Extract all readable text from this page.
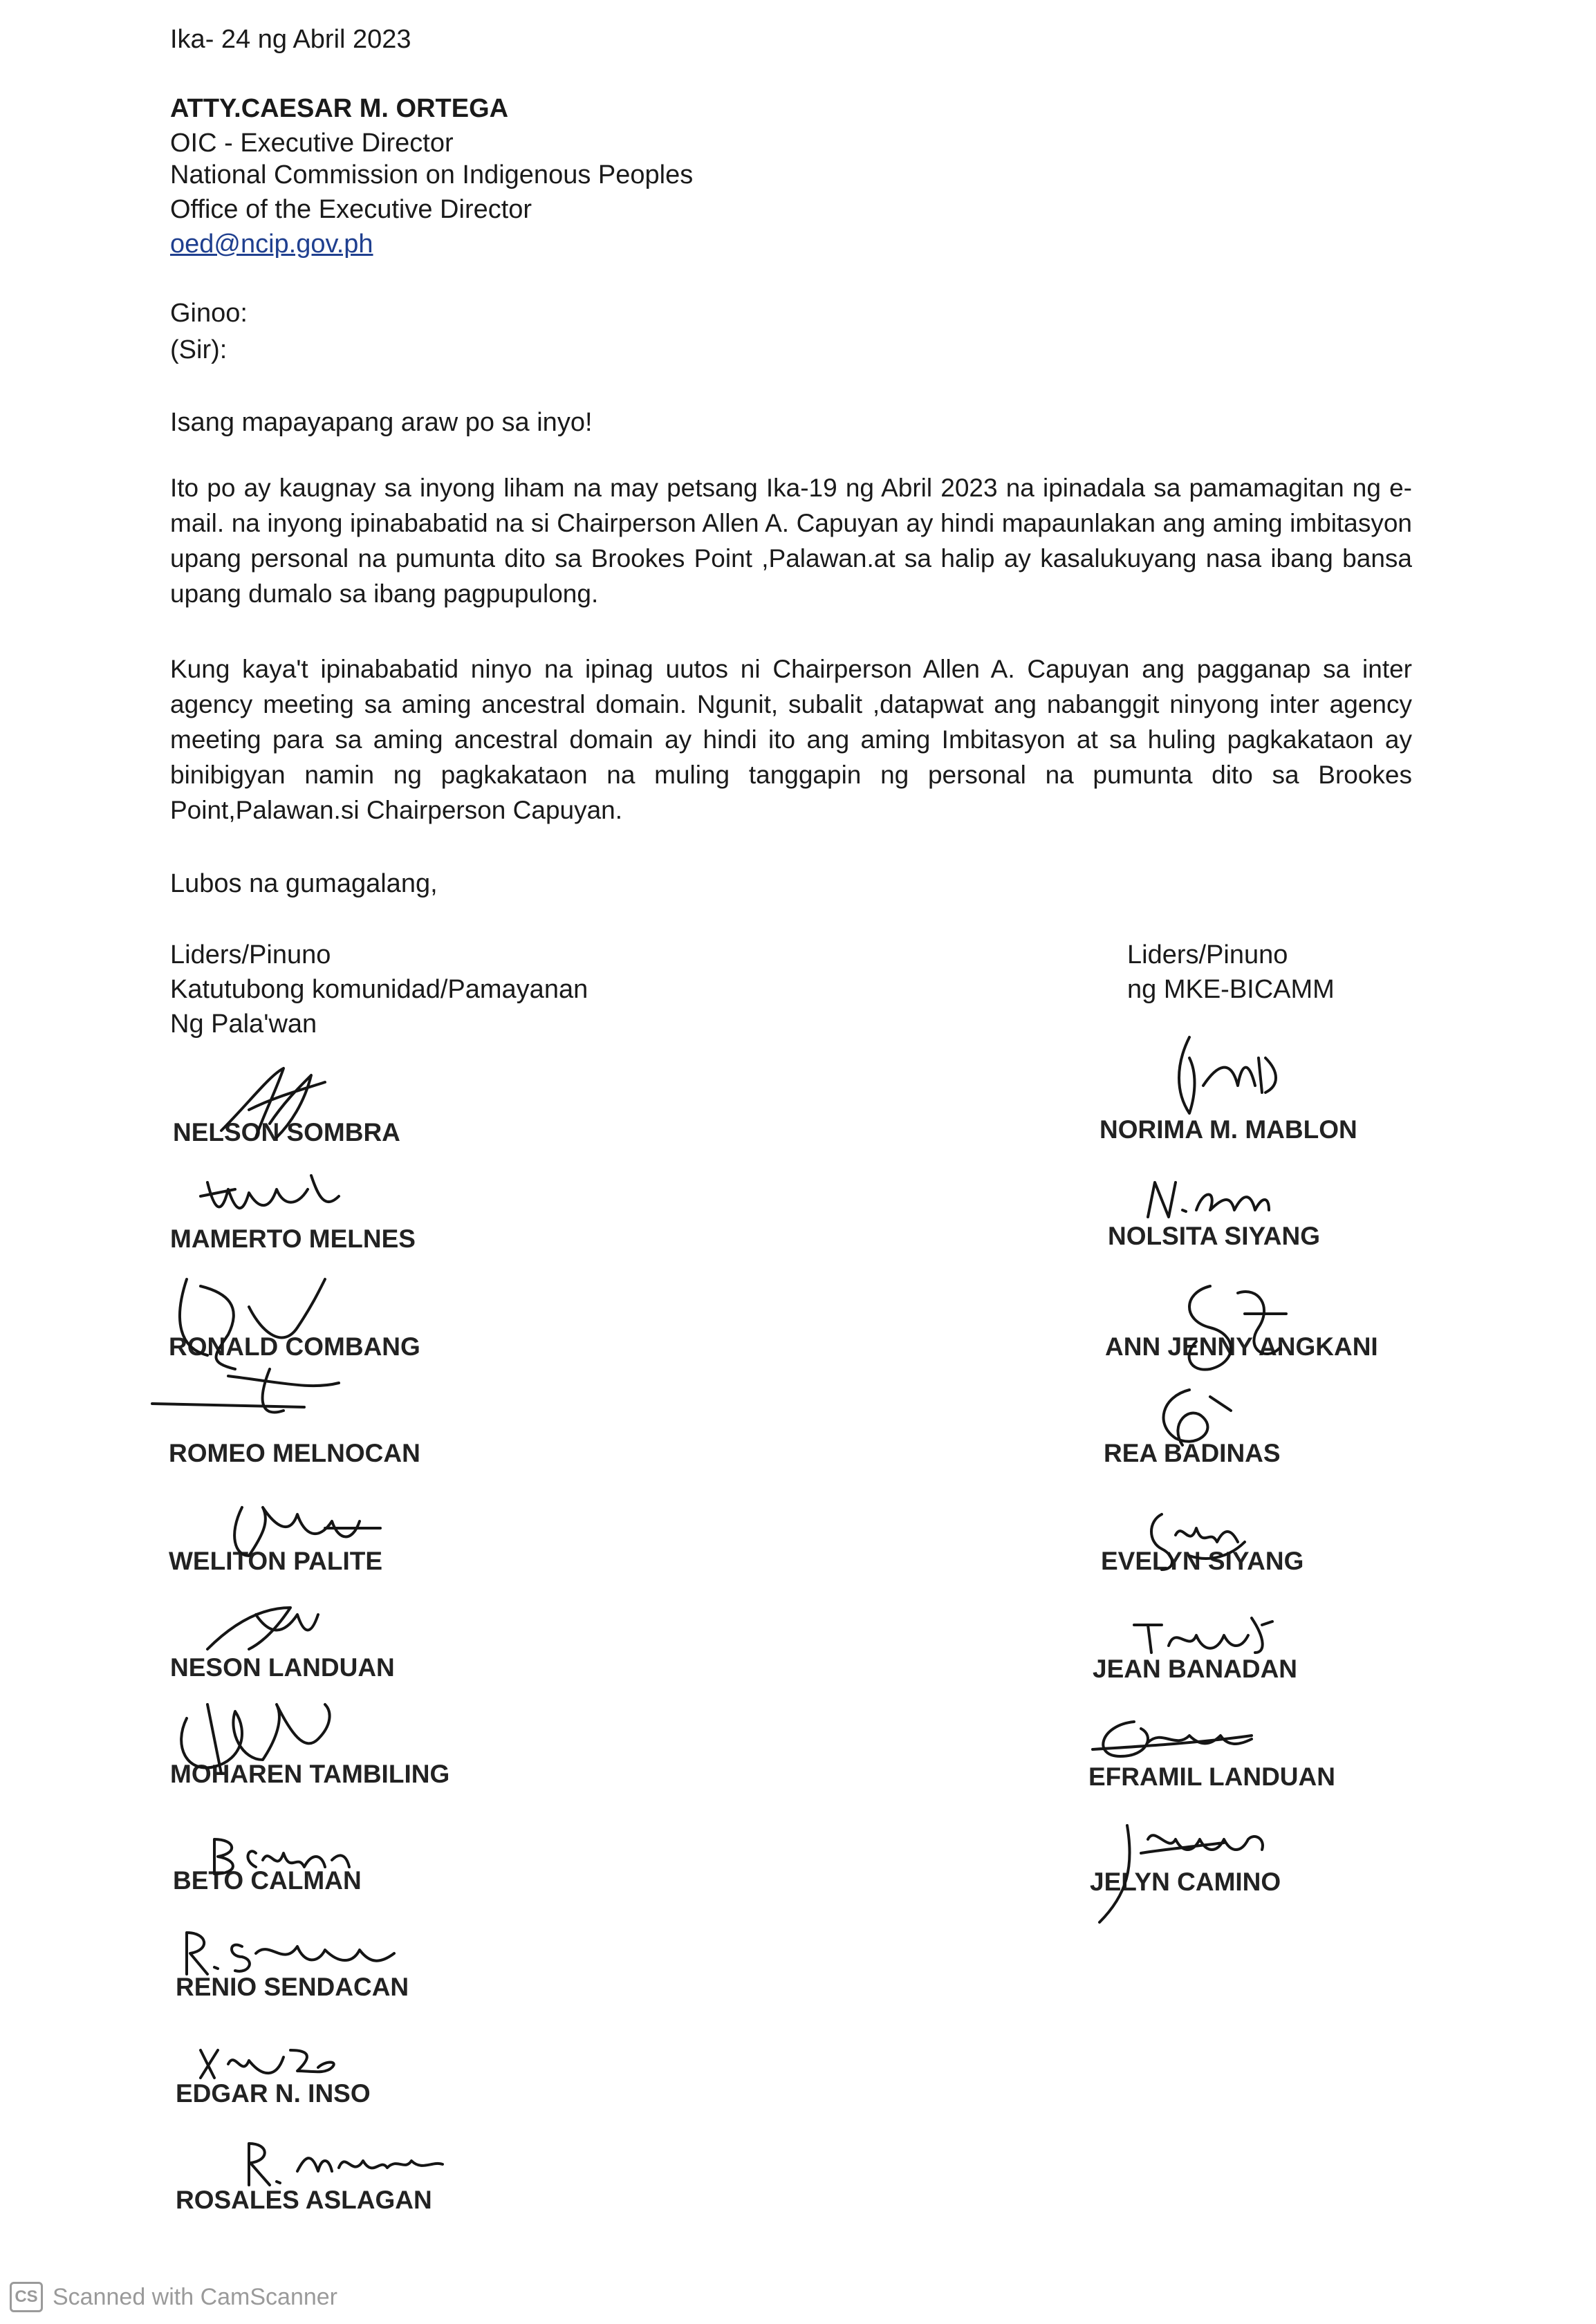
Ika- 24 ng Abril 2023
ATTY.CAESAR M. ORTEGA
OIC - Executive Director
National Commission on Indigenous Peoples
Office of the Executive Director
oed@ncip.gov.ph
Ginoo:
(Sir):
Isang mapayapang araw po sa inyo!
Ito po ay kaugnay sa inyong liham na may petsang Ika-19 ng Abril 2023 na ipinadala sa pamamagitan ng e- mail. na inyong ipinababatid na si Chairperson Allen A. Capuyan ay hindi mapaunlakan ang aming imbitasyon upang personal na pumunta dito sa Brookes Point ,Palawan.at sa halip ay kasalukuyang nasa ibang bansa upang dumalo sa ibang pagpupulong.
Kung kaya't ipinababatid ninyo na ipinag uutos ni Chairperson Allen A. Capuyan ang pagganap sa inter agency meeting sa aming ancestral domain. Ngunit, subalit ,datapwat ang nabanggit ninyong inter agency meeting para sa aming ancestral domain ay hindi ito ang aming Imbitasyon at sa huling pagkakataon ay binibigyan namin ng pagkakataon na muling tanggapin ng personal na pumunta dito sa Brookes Point,Palawan.si Chairperson Capuyan.
Lubos na gumagalang,
Liders/Pinuno
Katutubong komunidad/Pamayanan
Ng Pala'wan
Liders/Pinuno
ng MKE-BICAMM
NELSON SOMBRA
MAMERTO MELNES
RONALD COMBANG
ROMEO MELNOCAN
WELITON PALITE
NESON LANDUAN
MOHAREN TAMBILING
BETO CALMAN
RENIO SENDACAN
EDGAR N. INSO
ROSALES ASLAGAN
NORIMA M. MABLON
NOLSITA SIYANG
ANN JENNY ANGKANI
REA BADINAS
EVELYN SIYANG
JEAN BANADAN
EFRAMIL LANDUAN
JELYN CAMINO
CS Scanned with CamScanner
